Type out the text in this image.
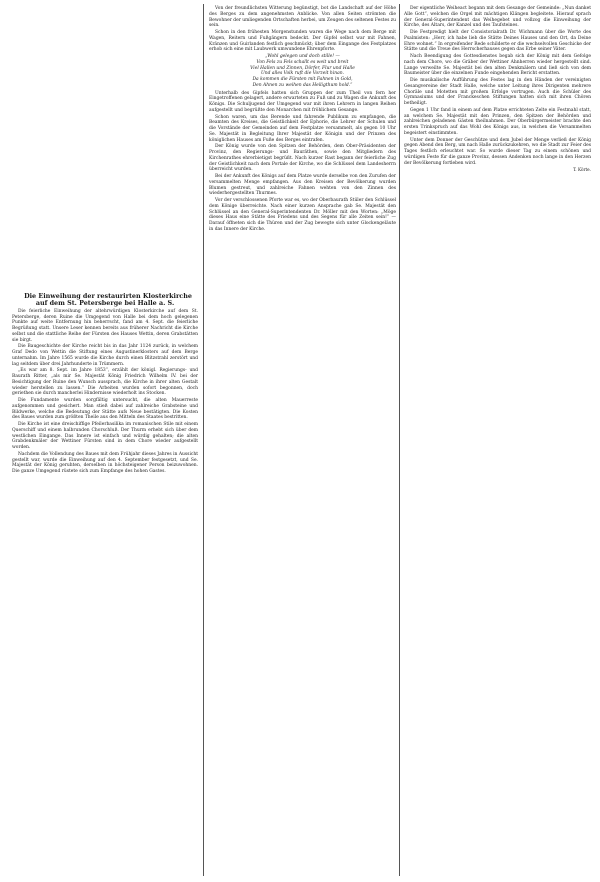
Die Einweihung der restaurirten Klosterkirche auf dem St. Petersberge bei Halle a. S.

Die feierliche Einweihung der altehrwürdigen Klosterkirche auf dem St. Petersberge, deren Ruine die Umgegend von Halle bei dem hoch gelegenen Punkte auf weite Entfernung hin beherrscht, fand am 4. Sept. die feierliche Begrüßung statt. Unsere Leser kennen bereits aus früherer Nachricht die Kirche selbst und die stattliche Reihe der Fürsten des Hauses Wettin, deren Grabstätten sie birgt.

Die Baugeschichte der Kirche reicht bis in das Jahr 1124 zurück, in welchem Graf Dedo von Wettin die Stiftung eines Augustinerklosters auf dem Berge unternahm. Im Jahre 1565 wurde die Kirche durch einen Blitzstrahl zerstört und lag seitdem über drei Jahrhunderte in Trümmern.

„Es war am 8. Sept. im Jahre 1853“, erzählt der königl. Regierungs- und Baurath Ritter, „als mir Se. Majestät König Friedrich Wilhelm IV. bei der Besichtigung der Ruine den Wunsch aussprach, die Kirche in ihrer alten Gestalt wieder herstellen zu lassen.“ Die Arbeiten wurden sofort begonnen, doch geriethen sie durch mancherlei Hindernisse wiederholt ins Stocken.

Die Fundamente wurden sorgfältig untersucht, die alten Mauerreste aufgenommen und gesichert. Man stieß dabei auf zahlreiche Grabsteine und Bildwerke, welche die Bedeutung der Stätte aufs Neue bestätigten. Die Kosten des Baues wurden zum größten Theile aus den Mitteln des Staates bestritten.

Die Kirche ist eine dreischiffige Pfeilerbasilika im romanischen Stile mit einem Querschiff und einem halbrunden Chorschluß. Der Thurm erhebt sich über dem westlichen Eingange. Das Innere ist einfach und würdig gehalten; die alten Grabdenkmäler der Wettiner Fürsten sind in dem Chore wieder aufgestellt worden.

Nachdem die Vollendung des Baues mit dem Frühjahr dieses Jahres in Aussicht gestellt war, wurde die Einweihung auf den 4. September festgesetzt, und Se. Majestät der König geruhten, derselben in höchsteigener Person beizuwohnen. Die ganze Umgegend rüstete sich zum Empfange des hohen Gastes.

Von der freundlichsten Witterung begünstigt, bot die Landschaft auf der Höhe des Berges zu dem angenehmsten Anblicke. Von allen Seiten strömten die Bewohner der umliegenden Ortschaften herbei, um Zeugen des seltenen Festes zu sein.

Schon in den frühesten Morgenstunden waren die Wege nach dem Berge mit Wagen, Reitern und Fußgängern bedeckt. Der Gipfel selbst war mit Fahnen, Kränzen und Guirlanden festlich geschmückt; über dem Eingange des Festplatzes erhob sich eine mit Laubwerk umwundene Ehrenpforte.

„Wohl gelegen und doch stille! —
Von Fels zu Fels schallt es weit und breit
Viel Hallen und Zinnen, Dörfer, Flur und Halle
Und alles Volk ruft die Vorzeit hinan.
Da kommen die Fürsten mit Fahnen in Gold,
Den Ahnen zu weihen das Heiligthum hold.“

Unterhalb des Gipfels hatten sich Gruppen der zum Theil von fern her Eingetroffenen gelagert, andere erwarteten zu Fuß und zu Wagen die Ankunft des Königs. Die Schuljugend der Umgegend war mit ihren Lehrern in langen Reihen aufgestellt und begrüßte den Monarchen mit fröhlichem Gesange.

Schon waren, um das Berende und fahrende Publikum zu empfangen, die Beamten des Kreises, die Geistlichkeit der Ephorie, die Lehrer der Schulen und die Vorstände der Gemeinden auf dem Festplatze versammelt, als gegen 10 Uhr Se. Majestät in Begleitung Ihrer Majestät der Königin und der Prinzen des königlichen Hauses am Fuße des Berges eintrafen.

Der König wurde von den Spitzen der Behörden, dem Ober-Präsidenten der Provinz, den Regierungs- und Bauräthen, sowie den Mitgliedern des Kirchenrathes ehrerbietigst begrüßt. Nach kurzer Rast begann der feierliche Zug der Geistlichkeit nach dem Portale der Kirche, wo die Schlüssel dem Landesherrn überreicht wurden.

Bei der Ankunft des Königs auf dem Platze wurde derselbe von den Zurufen der versammelten Menge empfangen. Aus den Kreisen der Bevölkerung wurden Blumen gestreut, und zahlreiche Fahnen wehten von den Zinnen des wiederhergestellten Thurmes.

Vor der verschlossenen Pforte war es, wo der Oberbaurath Stüler den Schlüssel dem Könige überreichte. Nach einer kurzen Ansprache gab Se. Majestät den Schlüssel an den General-Superintendenten Dr. Möller mit den Worten: „Möge dieses Haus eine Stätte des Friedens und des Segens für alle Zeiten sein!“ — Darauf öffneten sich die Thüren und der Zug bewegte sich unter Glockengeläute in das Innere der Kirche.

Der eigentliche Weiheact begann mit dem Gesange der Gemeinde: „Nun danket Alle Gott“, welchen die Orgel mit mächtigen Klängen begleitete. Hierauf sprach der General-Superintendent das Weihegebet und vollzog die Einweihung der Kirche, des Altars, der Kanzel und des Taufsteines.

Die Festpredigt hielt der Consistorialrath Dr. Wichmann über die Worte des Psalmisten: „Herr, ich habe lieb die Stätte Deines Hauses und den Ort, da Deine Ehre wohnet.“ In ergreifender Rede schilderte er die wechselvollen Geschicke der Stätte und die Treue des Herrscherhauses gegen das Erbe seiner Väter.

Nach Beendigung des Gottesdienstes begab sich der König mit dem Gefolge nach dem Chore, wo die Gräber der Wettiner Ahnherren wieder hergestellt sind. Lange verweilte Se. Majestät bei den alten Denkmälern und ließ sich von dem Baumeister über die einzelnen Funde eingehenden Bericht erstatten.

Die musikalische Aufführung des Festes lag in den Händen der vereinigten Gesangvereine der Stadt Halle, welche unter Leitung ihres Dirigenten mehrere Choräle und Motetten mit großem Erfolge vortrugen. Auch die Schüler des Gymnasiums und der Franckeschen Stiftungen hatten sich mit ihren Chören betheiligt.

Gegen 1 Uhr fand in einem auf dem Platze errichteten Zelte ein Festmahl statt, an welchem Se. Majestät mit den Prinzen, den Spitzen der Behörden und zahlreichen geladenen Gästen theilnahmen. Der Oberbürgermeister brachte den ersten Trinkspruch auf das Wohl des Königs aus, in welchen die Versammelten begeistert einstimmten.

Unter dem Donner der Geschütze und dem Jubel der Menge verließ der König gegen Abend den Berg, um nach Halle zurückzukehren, wo die Stadt zur Feier des Tages festlich erleuchtet war. So wurde dieser Tag zu einem schönen und würdigen Feste für die ganze Provinz, dessen Andenken noch lange in den Herzen der Bevölkerung fortleben wird.

T. Körte.
